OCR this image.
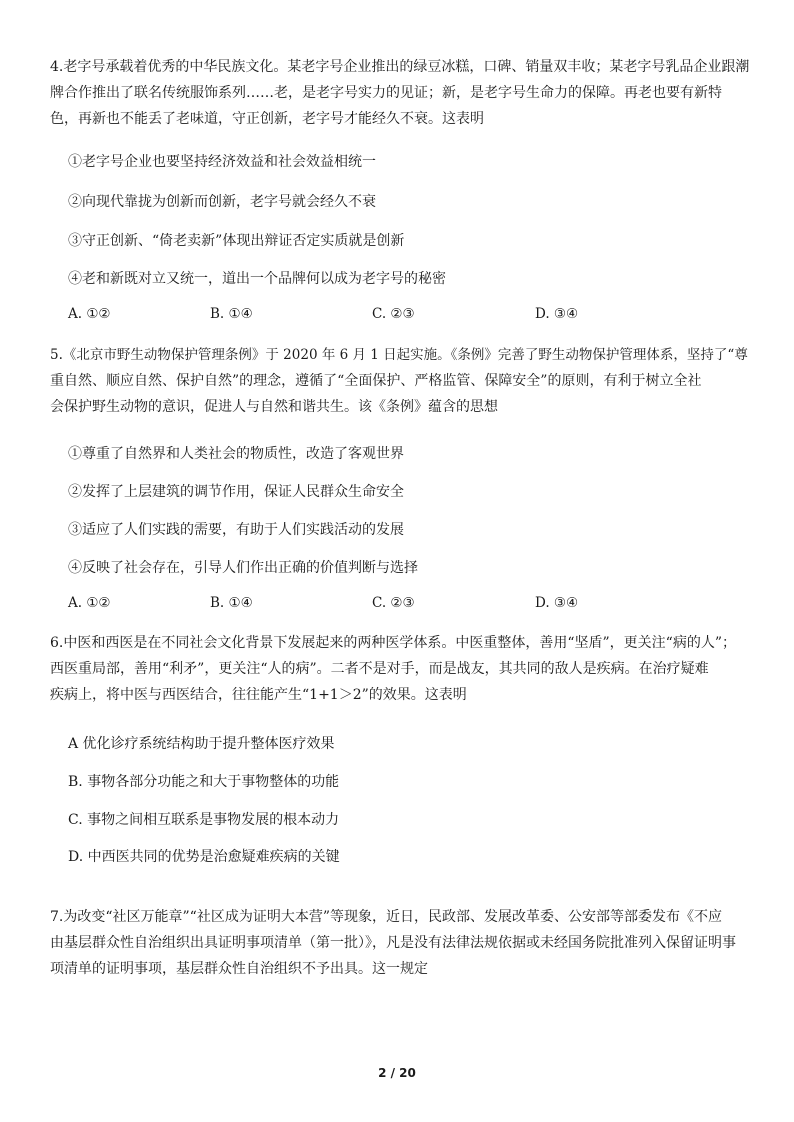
4.老字号承载着优秀的中华民族文化。某老字号企业推出的绿豆冰糕，口碑、销量双丰收；某老字号乳品企业跟潮

牌合作推出了联名传统服饰系列……老，是老字号实力的见证；新，是老字号生命力的保障。再老也要有新特

色，再新也不能丢了老味道，守正创新，老字号才能经久不衰。这表明

①老字号企业也要坚持经济效益和社会效益相统一
②向现代靠拢为创新而创新，老字号就会经久不衰
③守正创新、“倚老卖新”体现出辩证否定实质就是创新
④老和新既对立又统一，道出一个品牌何以成为老字号的秘密
A. ①②	B. ①④	C. ②③	D. ③④

5.《北京市野生动物保护管理条例》于 2020 年 6 月 1 日起实施。《条例》完善了野生动物保护管理体系，坚持了“尊

重自然、顺应自然、保护自然”的理念，遵循了“全面保护、严格监管、保障安全”的原则，有利于树立全社

会保护野生动物的意识，促进人与自然和谐共生。该《条例》蕴含的思想

①尊重了自然界和人类社会的物质性，改造了客观世界
②发挥了上层建筑的调节作用，保证人民群众生命安全
③适应了人们实践的需要，有助于人们实践活动的发展
④反映了社会存在，引导人们作出正确的价值判断与选择
A. ①②	B. ①④	C. ②③	D. ③④

6.中医和西医是在不同社会文化背景下发展起来的两种医学体系。中医重整体，善用“坚盾”，更关注“病的人”；

西医重局部，善用“利矛”，更关注“人的病”。二者不是对手，而是战友，其共同的敌人是疾病。在治疗疑难

疾病上，将中医与西医结合，往往能产生“1+1＞2”的效果。这表明

A 优化诊疗系统结构助于提升整体医疗效果
B. 事物各部分功能之和大于事物整体的功能
C. 事物之间相互联系是事物发展的根本动力
D. 中西医共同的优势是治愈疑难疾病的关键

7.为改变“社区万能章”“社区成为证明大本营”等现象，近日，民政部、发展改革委、公安部等部委发布《不应

由基层群众性自治组织出具证明事项清单（第一批）》，凡是没有法律法规依据或未经国务院批准列入保留证明事

项清单的证明事项，基层群众性自治组织不予出具。这一规定

2 / 20
